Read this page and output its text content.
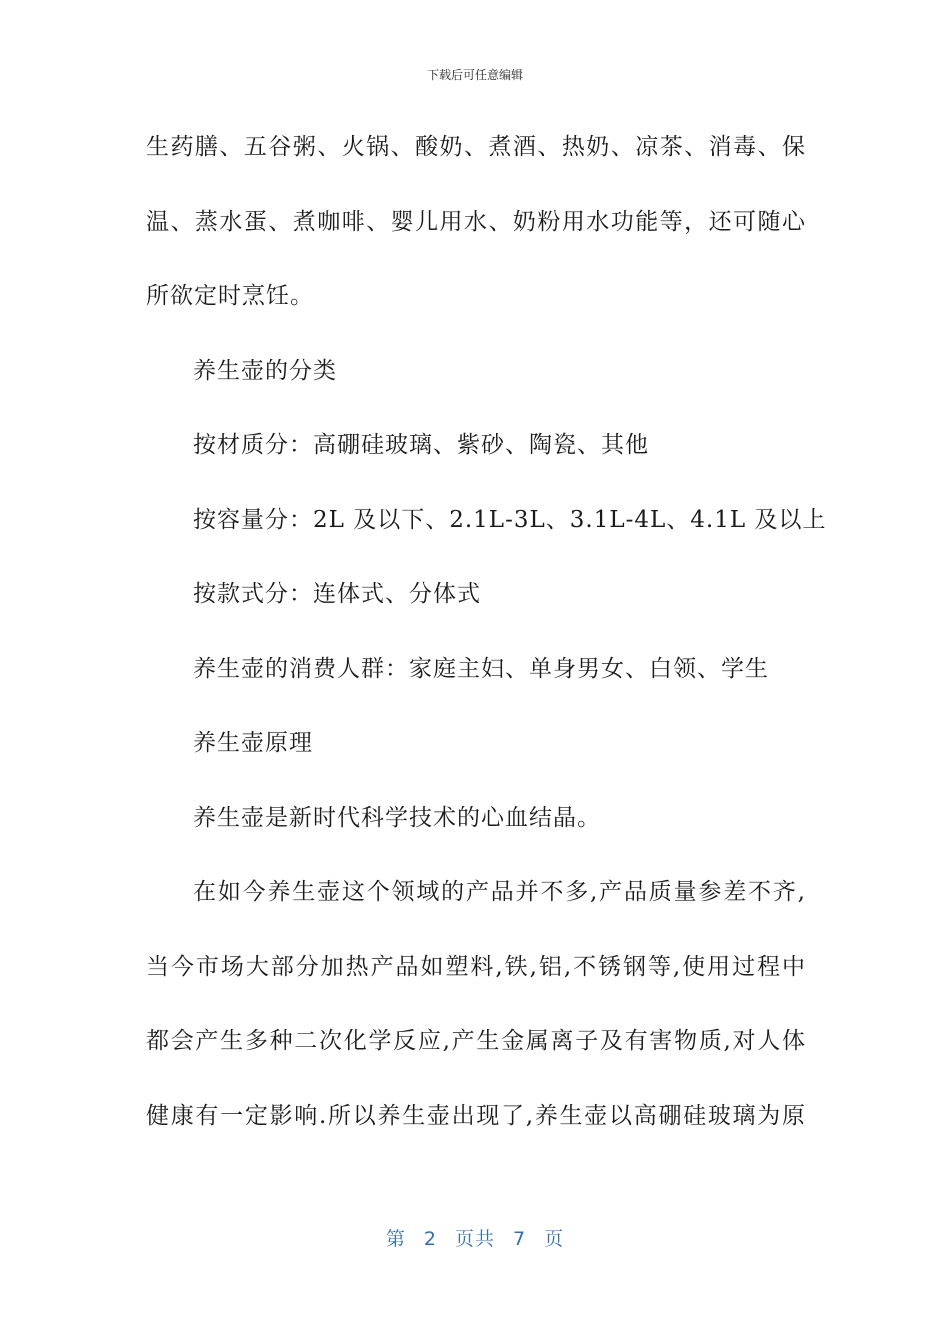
下载后可任意编辑
生药膳、五谷粥、火锅、酸奶、煮酒、热奶、凉茶、消毒、保
温、蒸水蛋、煮咖啡、婴儿用水、奶粉用水功能等，还可随心
所欲定时烹饪。
养生壶的分类
按材质分：高硼硅玻璃、紫砂、陶瓷、其他
按容量分：2L 及以下、2.1L-3L、3.1L-4L、4.1L 及以上
按款式分：连体式、分体式
养生壶的消费人群：家庭主妇、单身男女、白领、学生
养生壶原理
养生壶是新时代科学技术的心血结晶。
在如今养生壶这个领域的产品并不多,产品质量参差不齐,
当今市场大部分加热产品如塑料,铁,铝,不锈钢等,使用过程中
都会产生多种二次化学反应,产生金属离子及有害物质,对人体
健康有一定影响.所以养生壶出现了,养生壶以高硼硅玻璃为原
第 2 页共 7 页
